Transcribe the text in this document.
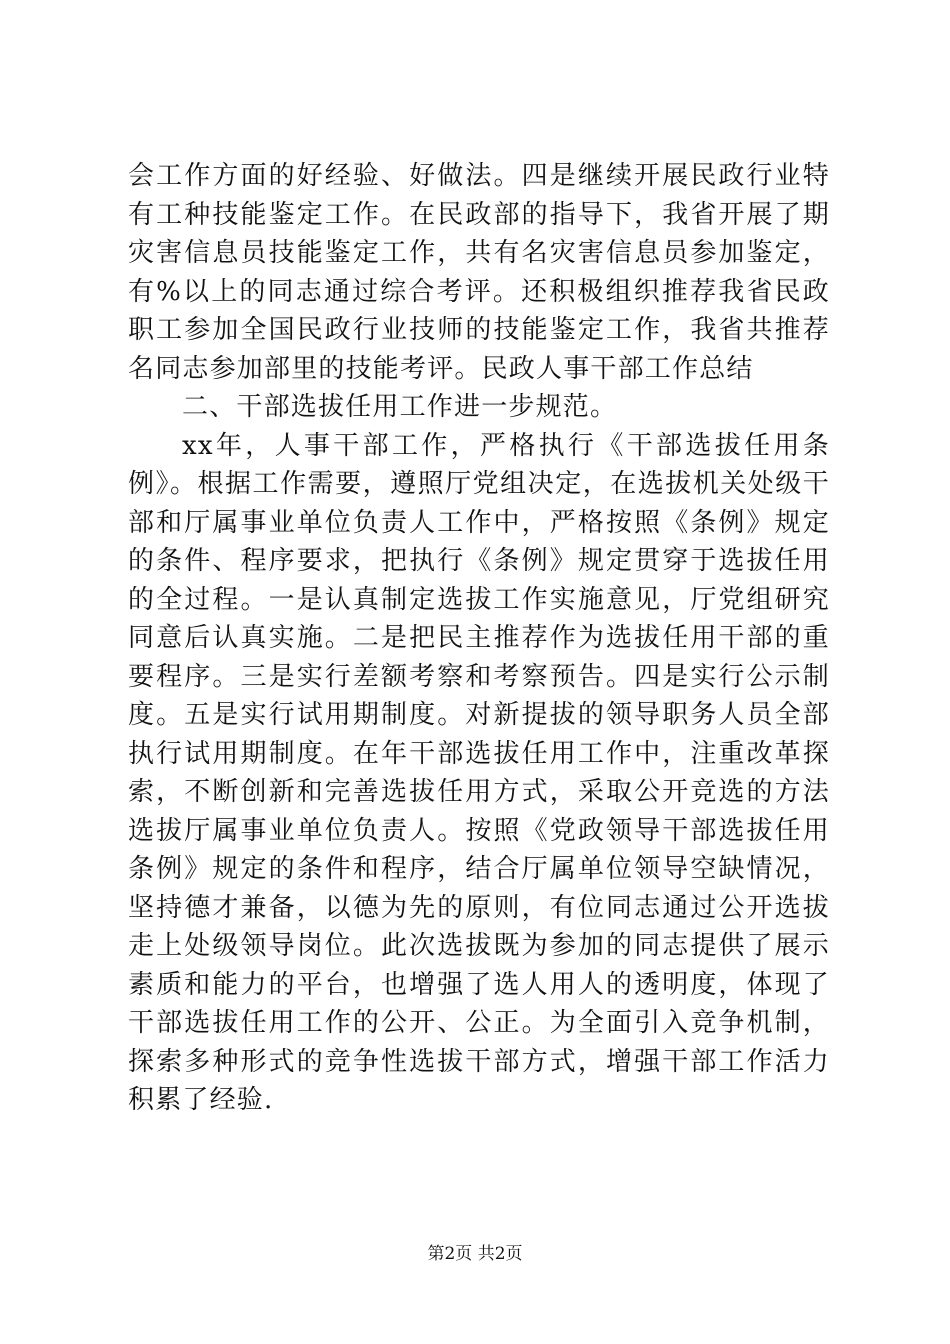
会工作方面的好经验、好做法。四是继续开展民政行业特有工种技能鉴定工作。在民政部的指导下，我省开展了期灾害信息员技能鉴定工作，共有名灾害信息员参加鉴定，有%以上的同志通过综合考评。还积极组织推荐我省民政职工参加全国民政行业技师的技能鉴定工作，我省共推荐名同志参加部里的技能考评。民政人事干部工作总结

二、干部选拔任用工作进一步规范。

xx年，人事干部工作，严格执行《干部选拔任用条例》。根据工作需要，遵照厅党组决定，在选拔机关处级干部和厅属事业单位负责人工作中，严格按照《条例》规定的条件、程序要求，把执行《条例》规定贯穿于选拔任用的全过程。一是认真制定选拔工作实施意见，厅党组研究同意后认真实施。二是把民主推荐作为选拔任用干部的重要程序。三是实行差额考察和考察预告。四是实行公示制度。五是实行试用期制度。对新提拔的领导职务人员全部执行试用期制度。在年干部选拔任用工作中，注重改革探索，不断创新和完善选拔任用方式，采取公开竞选的方法选拔厅属事业单位负责人。按照《党政领导干部选拔任用条例》规定的条件和程序，结合厅属单位领导空缺情况，坚持德才兼备，以德为先的原则，有位同志通过公开选拔走上处级领导岗位。此次选拔既为参加的同志提供了展示素质和能力的平台，也增强了选人用人的透明度，体现了干部选拔任用工作的公开、公正。为全面引入竞争机制，探索多种形式的竞争性选拔干部方式，增强干部工作活力积累了经验.

第2页 共2页
